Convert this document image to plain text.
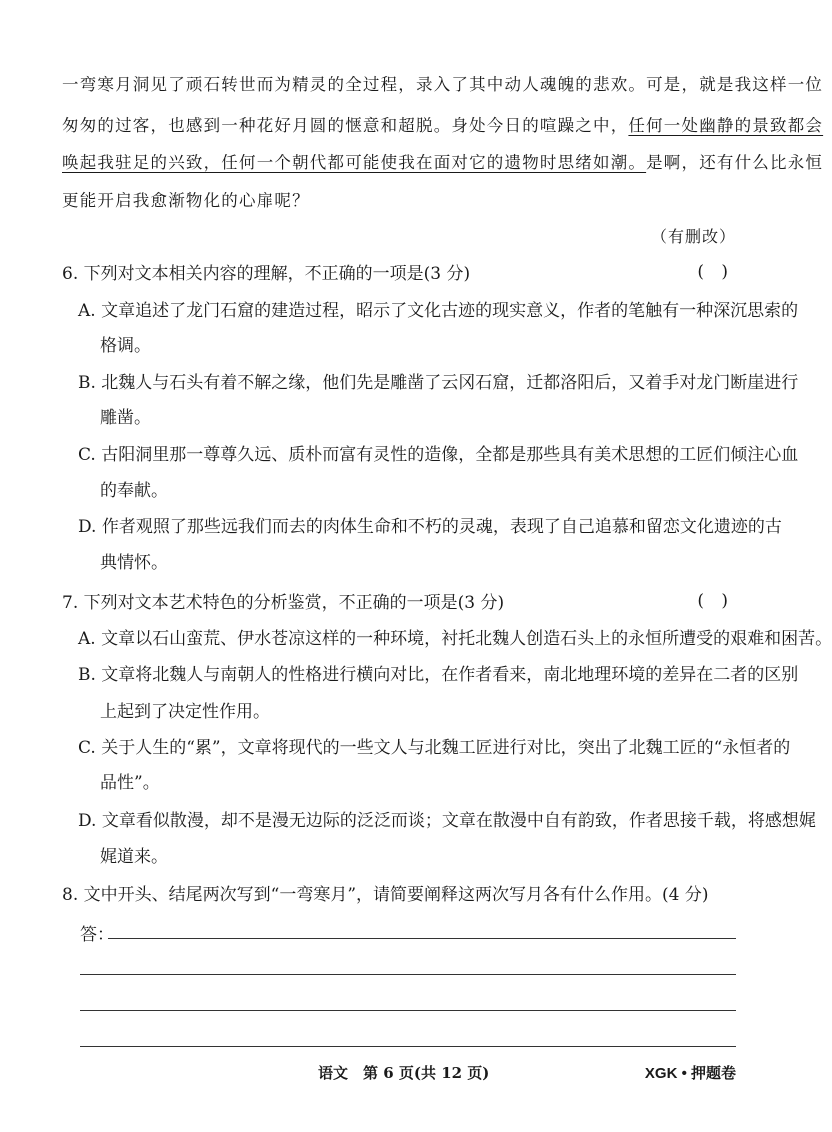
一弯寒月洞见了顽石转世而为精灵的全过程，录入了其中动人魂魄的悲欢。可是，就是我这样一位
匆匆的过客，也感到一种花好月圆的惬意和超脱。身处今日的喧躁之中，任何一处幽静的景致都会
唤起我驻足的兴致，任何一个朝代都可能使我在面对它的遗物时思绪如潮。是啊，还有什么比永恒
更能开启我愈渐物化的心扉呢？
（有删改）
6. 下列对文本相关内容的理解，不正确的一项是(3 分)	( )
A. 文章追述了龙门石窟的建造过程，昭示了文化古迹的现实意义，作者的笔触有一种深沉思索的
格调。
B. 北魏人与石头有着不解之缘，他们先是雕凿了云冈石窟，迁都洛阳后，又着手对龙门断崖进行
雕凿。
C. 古阳洞里那一尊尊久远、质朴而富有灵性的造像，全都是那些具有美术思想的工匠们倾注心血
的奉献。
D. 作者观照了那些远我们而去的肉体生命和不朽的灵魂，表现了自己追慕和留恋文化遗迹的古
典情怀。
7. 下列对文本艺术特色的分析鉴赏，不正确的一项是(3 分)	( )
A. 文章以石山蛮荒、伊水苍凉这样的一种环境，衬托北魏人创造石头上的永恒所遭受的艰难和困苦。
B. 文章将北魏人与南朝人的性格进行横向对比，在作者看来，南北地理环境的差异在二者的区别
上起到了决定性作用。
C. 关于人生的“累”，文章将现代的一些文人与北魏工匠进行对比，突出了北魏工匠的“永恒者的
品性”。
D. 文章看似散漫，却不是漫无边际的泛泛而谈；文章在散漫中自有韵致，作者思接千载，将感想娓
娓道来。
8. 文中开头、结尾两次写到“一弯寒月”，请简要阐释这两次写月各有什么作用。(4 分)
答：
语文　第 6 页(共 12 页)	XGK • 押题卷
